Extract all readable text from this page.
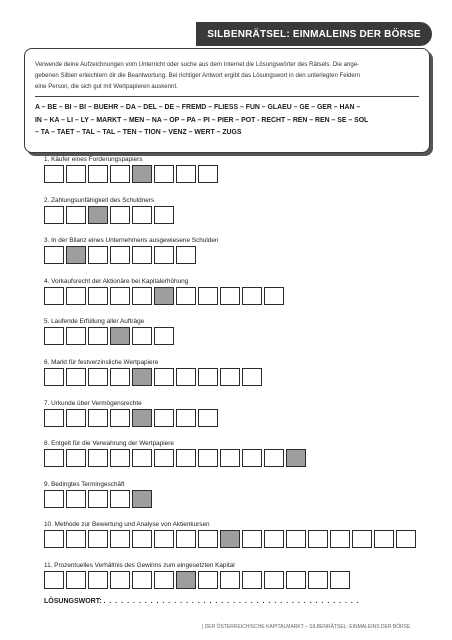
SILBENRÄTSEL: EINMALEINS DER BÖRSE
Verwende deine Aufzeichnungen vom Unterricht oder suche aus dem Internet die Lösungswörter des Rätsels. Die ange-
gebenen Silben erleichtern dir die Beantwortung. Bei richtiger Antwort ergibt das Lösungswort in den unterlegten Feldern
eine Person, die sich gut mit Wertpapieren auskennt.
A – BE – BI – BI – BUEHR – DA – DEL – DE – FREMD – FLIESS – FUN – GLAEU – GE – GER – HAN –
IN – KA – LI – LY – MARKT – MEN – NA – OP – PA – PI – PIER – POT - RECHT – REN – REN – SE – SOL
– TA – TAET – TAL – TAL – TEN – TION – VENZ – WERT – ZUGS
1. Käufer eines Forderungspapiers
2. Zahlungsunfähigkeit des Schuldners
3. In der Bilanz eines Unternehmens ausgewiesene Schulden
4. Vorkaufsrecht der Aktionäre bei Kapitalerhöhung
5. Laufende Erfüllung aller Aufträge
6. Markt für festverzinsliche Wertpapiere
7. Urkunde über Vermögensrechte
8. Entgelt für die Verwahrung der Wertpapiere
9. Bedingtes Termingeschäft
10. Methode zur Bewertung und Analyse von Aktienkursen
11. Prozentuelles Verhältnis des Gewinns zum eingesetzten Kapital
LÖSUNGSWORT: . . . . . . . . . . . . . . . . . . . . . . . . . . . . . . . . . . . . . . . . . . . .
| DER ÖSTERREICHISCHE KAPITALMARKT – SILBENRÄTSEL: EINMALEINS DER BÖRSE
